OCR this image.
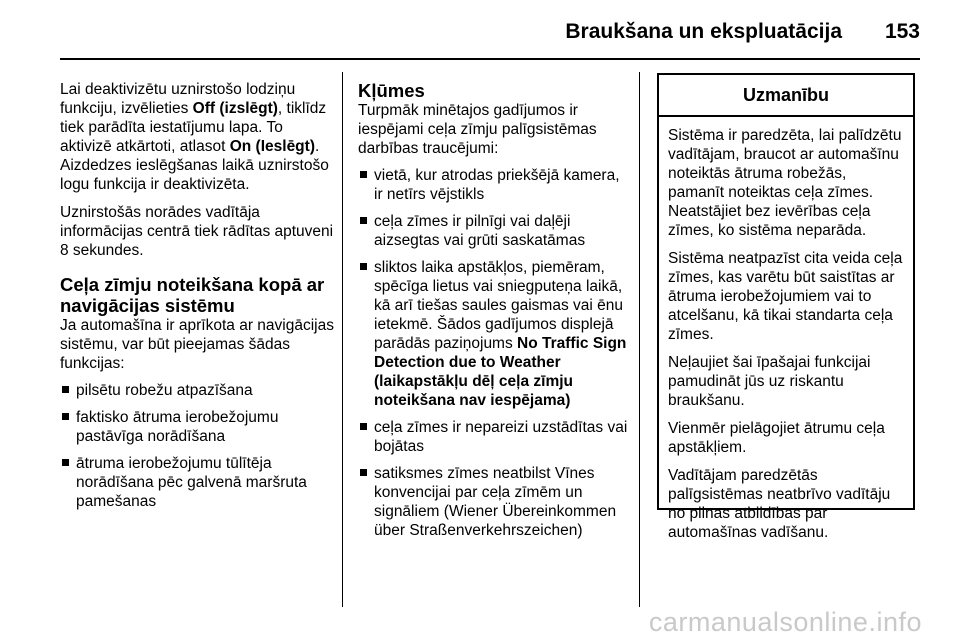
Braukšana un ekspluatācija 153

Lai deaktivizētu uznirstošo lodziņu funkciju, izvēlieties Off (izslēgt), tiklīdz tiek parādīta iestatījumu lapa. To aktivizē atkārtoti, atlasot On (Ieslēgt). Aizdedzes ieslēgšanas laikā uznirstošo logu funkcija ir deaktivizēta.

Uznirstošās norādes vadītāja informācijas centrā tiek rādītas aptuveni 8 sekundes.

Ceļa zīmju noteikšana kopā ar navigācijas sistēmu

Ja automašīna ir aprīkota ar navigācijas sistēmu, var būt pieejamas šādas funkcijas:

pilsētu robežu atpazīšana
faktisko ātruma ierobežojumu pastāvīga norādīšana
ātruma ierobežojumu tūlītēja norādīšana pēc galvenā maršruta pamešanas
Kļūmes

Turpmāk minētajos gadījumos ir iespējami ceļa zīmju palīgsistēmas darbības traucējumi:

vietā, kur atrodas priekšējā kamera, ir netīrs vējstikls
ceļa zīmes ir pilnīgi vai daļēji aizsegtas vai grūti saskatāmas
sliktos laika apstākļos, piemēram, spēcīga lietus vai sniegputeņa laikā, kā arī tiešas saules gaismas vai ēnu ietekmē. Šādos gadījumos displejā parādās paziņojums No Traffic Sign Detection due to Weather (laikapstākļu dēļ ceļa zīmju noteikšana nav iespējama)
ceļa zīmes ir nepareizi uzstādītas vai bojātas
satiksmes zīmes neatbilst Vīnes konvencijai par ceļa zīmēm un signāliem (Wiener Übereinkommen über Straßenverkehrszeichen)
Uzmanību

Sistēma ir paredzēta, lai palīdzētu vadītājam, braucot ar automašīnu noteiktās ātruma robežās, pamanīt noteiktas ceļa zīmes. Neatstājiet bez ievērības ceļa zīmes, ko sistēma neparāda.

Sistēma neatpazīst cita veida ceļa zīmes, kas varētu būt saistītas ar ātruma ierobežojumiem vai to atcelšanu, kā tikai standarta ceļa zīmes.

Neļaujiet šai īpašajai funkcijai pamudināt jūs uz riskantu braukšanu.

Vienmēr pielāgojiet ātrumu ceļa apstākļiem.

Vadītājam paredzētās palīgsistēmas neatbrīvo vadītāju no pilnas atbildības par automašīnas vadīšanu.

carmanualsonline.info
